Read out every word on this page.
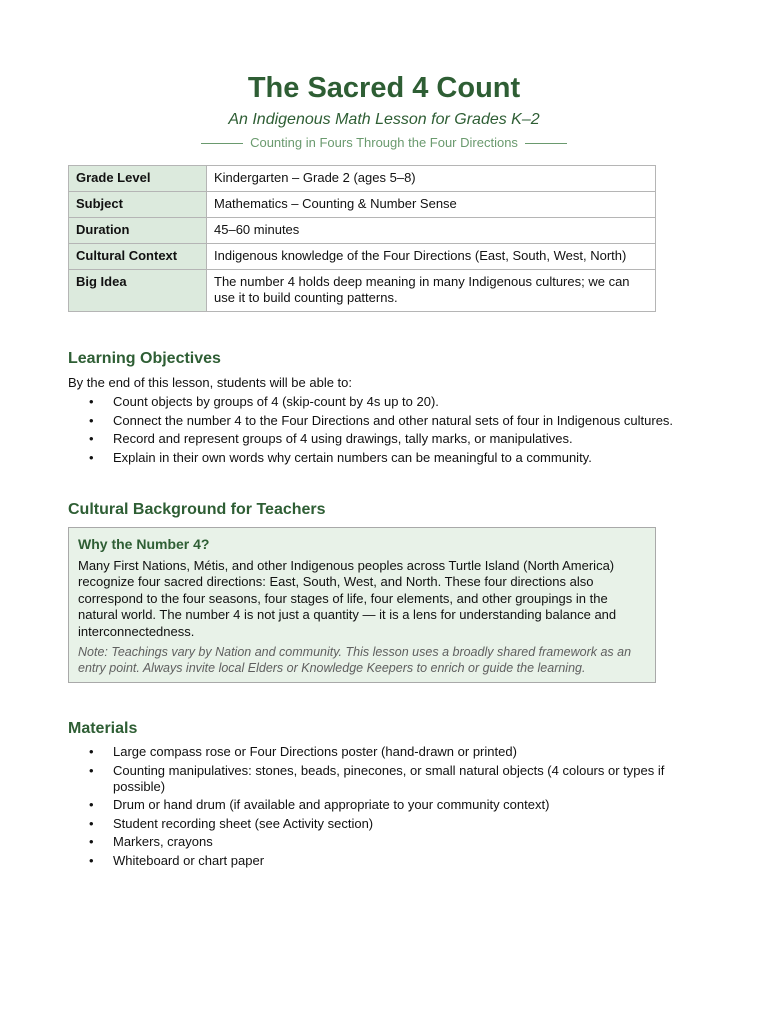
The Sacred 4 Count
An Indigenous Math Lesson for Grades K–2
Counting in Fours Through the Four Directions
Grade Level	Kindergarten – Grade 2 (ages 5–8)
Subject	Mathematics – Counting & Number Sense
Duration	45–60 minutes
Cultural Context	Indigenous knowledge of the Four Directions (East, South, West, North)
Big Idea	The number 4 holds deep meaning in many Indigenous cultures; we can use it to build counting patterns.
Learning Objectives
By the end of this lesson, students will be able to:
• Count objects by groups of 4 (skip-count by 4s up to 20).
• Connect the number 4 to the Four Directions and other natural sets of four in Indigenous cultures.
• Record and represent groups of 4 using drawings, tally marks, or manipulatives.
• Explain in their own words why certain numbers can be meaningful to a community.
Cultural Background for Teachers
Why the Number 4?

Many First Nations, Métis, and other Indigenous peoples across Turtle Island (North America) recognize four sacred directions: East, South, West, and North. These four directions also correspond to the four seasons, four stages of life, four elements, and other groupings in the natural world. The number 4 is not just a quantity — it is a lens for understanding balance and interconnectedness.

Note: Teachings vary by Nation and community. This lesson uses a broadly shared framework as an entry point. Always invite local Elders or Knowledge Keepers to enrich or guide the learning.

Materials
• Large compass rose or Four Directions poster (hand-drawn or printed)
• Counting manipulatives: stones, beads, pinecones, or small natural objects (4 colours or types if possible)
• Drum or hand drum (if available and appropriate to your community context)
• Student recording sheet (see Activity section)
• Markers, crayons
• Whiteboard or chart paper
